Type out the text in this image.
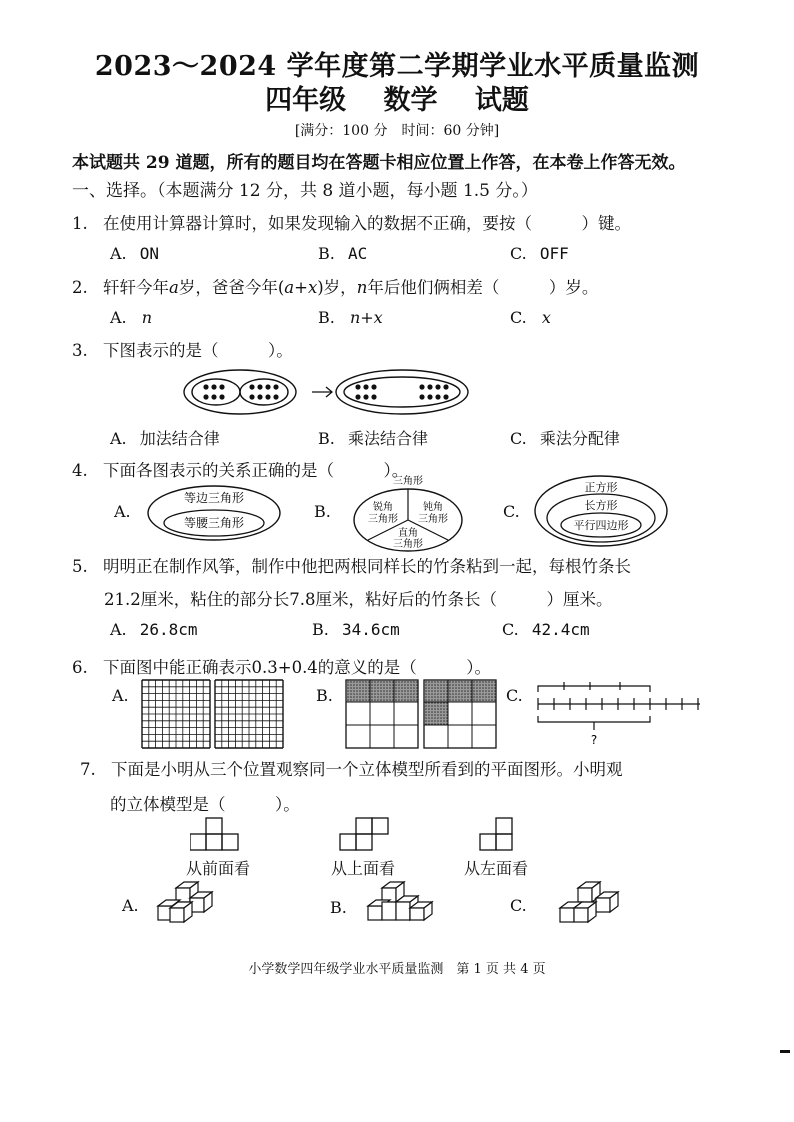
2023～2024 学年度第二学期学业水平质量监测
四年级 数学 试题
[满分：100 分　时间：60 分钟]
本试题共 29 道题，所有的题目均在答题卡相应位置上作答，在本卷上作答无效。
一、选择。（本题满分 12 分，共 8 道小题，每小题 1.5 分。）
1. 在使用计算器计算时，如果发现输入的数据不正确，要按（　　　）键。
A. ON	B. AC	C. OFF
2. 轩轩今年a岁，爸爸今年(a+x)岁，n年后他们俩相差（　　　）岁。
A. n	B. n+x	C. x
3. 下图表示的是（　　　）。
A. 加法结合律	B. 乘法结合律	C. 乘法分配律
4. 下面各图表示的关系正确的是（　　　）。
A.
等边三角形
等腰三角形
B.
三角形
锐角
三角形
钝角
三角形
直角
三角形
C.
正方形
长方形
平行四边形
5. 明明正在制作风筝，制作中他把两根同样长的竹条粘到一起，每根竹条长
21.2厘米，粘住的部分长7.8厘米，粘好后的竹条长（　　　）厘米。
A. 26.8cm	B. 34.6cm	C. 42.4cm
6. 下面图中能正确表示0.3+0.4的意义的是（　　　）。
A.	B.	C.
?
7. 下面是小明从三个位置观察同一个立体模型所看到的平面图形。小明观
的立体模型是（　　　）。
从前面看	从上面看	从左面看
A.	B.	C.
小学数学四年级学业水平质量监测　第 1 页 共 4 页
